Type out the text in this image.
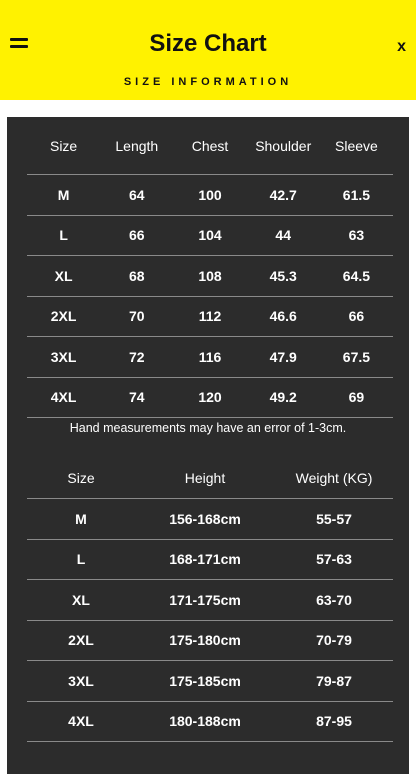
Size Chart	x
SIZE INFORMATION
Size	Length	Chest	Shoulder	Sleeve
M	64	100	42.7	61.5
L	66	104	44	63
XL	68	108	45.3	64.5
2XL	70	112	46.6	66
3XL	72	116	47.9	67.5
4XL	74	120	49.2	69
Hand measurements may have an error of 1-3cm.
Size	Height	Weight (KG)
M	156-168cm	55-57
L	168-171cm	57-63
XL	171-175cm	63-70
2XL	175-180cm	70-79
3XL	175-185cm	79-87
4XL	180-188cm	87-95
